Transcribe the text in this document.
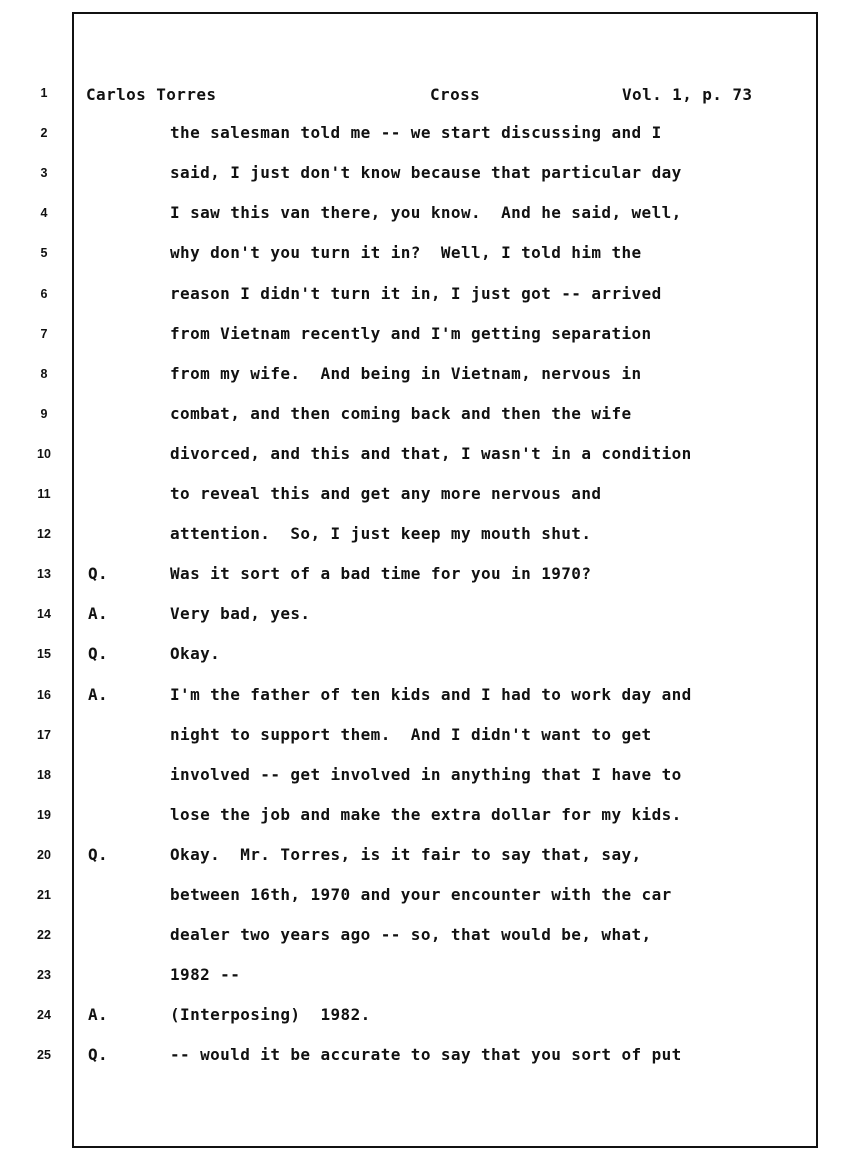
Carlos Torres	Cross	Vol. 1, p. 73
1
2	the salesman told me -- we start discussing and I
3	said, I just don't know because that particular day
4	I saw this van there, you know.  And he said, well,
5	why don't you turn it in?  Well, I told him the
6	reason I didn't turn it in, I just got -- arrived
7	from Vietnam recently and I'm getting separation
8	from my wife.  And being in Vietnam, nervous in
9	combat, and then coming back and then the wife
10	divorced, and this and that, I wasn't in a condition
11	to reveal this and get any more nervous and
12	attention.  So, I just keep my mouth shut.
13	Q.	Was it sort of a bad time for you in 1970?
14	A.	Very bad, yes.
15	Q.	Okay.
16	A.	I'm the father of ten kids and I had to work day and
17	night to support them.  And I didn't want to get
18	involved -- get involved in anything that I have to
19	lose the job and make the extra dollar for my kids.
20	Q.	Okay.  Mr. Torres, is it fair to say that, say,
21	between 16th, 1970 and your encounter with the car
22	dealer two years ago -- so, that would be, what,
23	1982 --
24	A.	(Interposing)  1982.
25	Q.	-- would it be accurate to say that you sort of put
